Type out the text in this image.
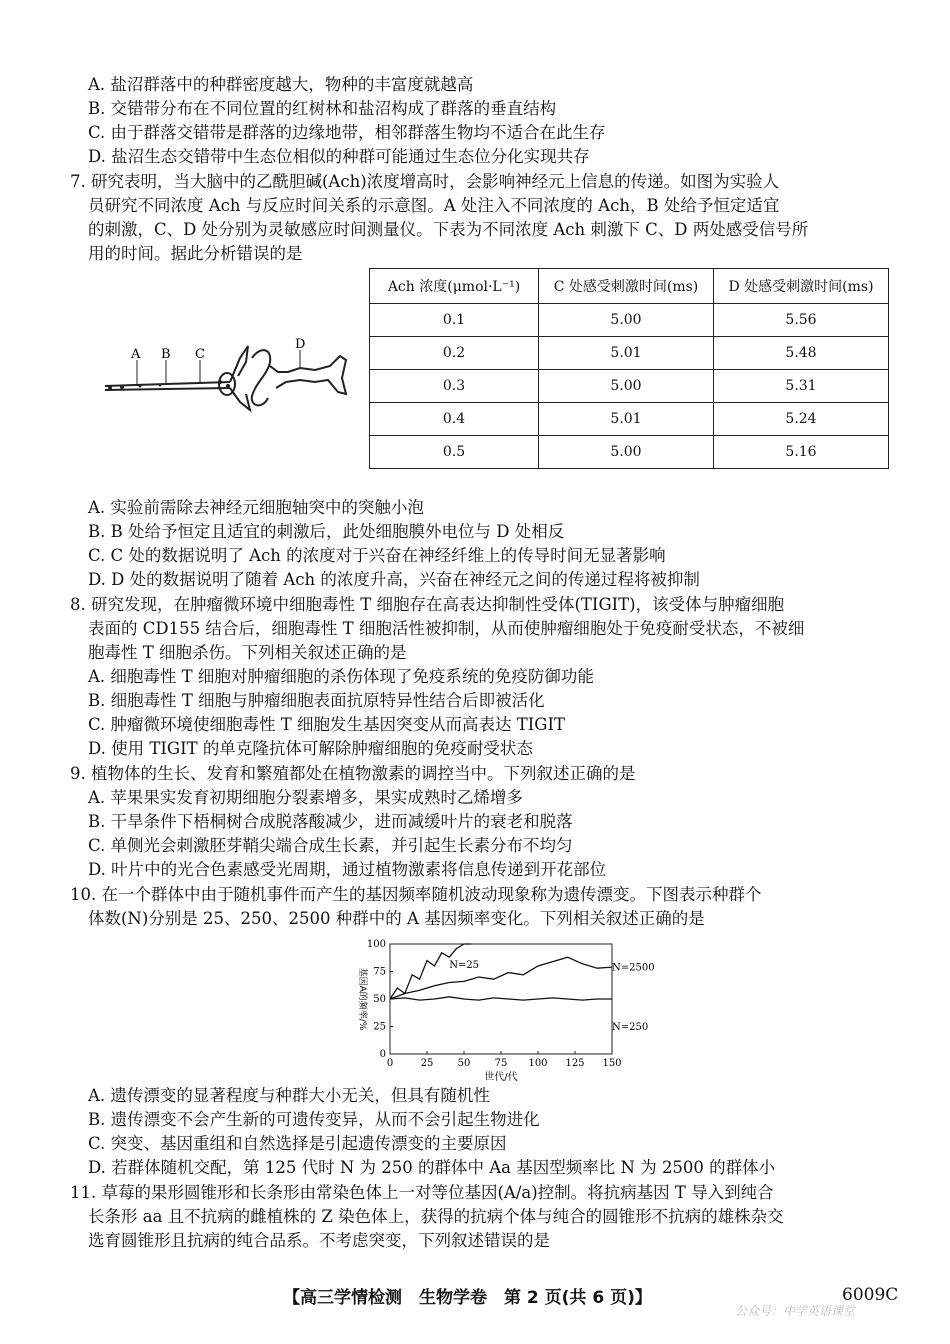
A. 盐沼群落中的种群密度越大，物种的丰富度就越高
B. 交错带分布在不同位置的红树林和盐沼构成了群落的垂直结构
C. 由于群落交错带是群落的边缘地带，相邻群落生物均不适合在此生存
D. 盐沼生态交错带中生态位相似的种群可能通过生态位分化实现共存
7. 研究表明，当大脑中的乙酰胆碱(Ach)浓度增高时，会影响神经元上信息的传递。如图为实验人
员研究不同浓度 Ach 与反应时间关系的示意图。A 处注入不同浓度的 Ach，B 处给予恒定适宜
的刺激，C、D 处分别为灵敏感应时间测量仪。下表为不同浓度 Ach 刺激下 C、D 两处感受信号所
用的时间。据此分析错误的是
A B C
D
Ach 浓度(μmol·L⁻¹)	C 处感受刺激时间(ms)	D 处感受刺激时间(ms)
0.1	5.00	5.56
0.2	5.01	5.48
0.3	5.00	5.31
0.4	5.01	5.24
0.5	5.00	5.16
A. 实验前需除去神经元细胞轴突中的突触小泡
B. B 处给予恒定且适宜的刺激后，此处细胞膜外电位与 D 处相反
C. C 处的数据说明了 Ach 的浓度对于兴奋在神经纤维上的传导时间无显著影响
D. D 处的数据说明了随着 Ach 的浓度升高，兴奋在神经元之间的传递过程将被抑制
8. 研究发现，在肿瘤微环境中细胞毒性 T 细胞存在高表达抑制性受体(TIGIT)，该受体与肿瘤细胞
表面的 CD155 结合后，细胞毒性 T 细胞活性被抑制，从而使肿瘤细胞处于免疫耐受状态，不被细
胞毒性 T 细胞杀伤。下列相关叙述正确的是
A. 细胞毒性 T 细胞对肿瘤细胞的杀伤体现了免疫系统的免疫防御功能
B. 细胞毒性 T 细胞与肿瘤细胞表面抗原特异性结合后即被活化
C. 肿瘤微环境使细胞毒性 T 细胞发生基因突变从而高表达 TIGIT
D. 使用 TIGIT 的单克隆抗体可解除肿瘤细胞的免疫耐受状态
9. 植物体的生长、发育和繁殖都处在植物激素的调控当中。下列叙述正确的是
A. 苹果果实发育初期细胞分裂素增多，果实成熟时乙烯增多
B. 干旱条件下梧桐树合成脱落酸减少，进而减缓叶片的衰老和脱落
C. 单侧光会刺激胚芽鞘尖端合成生长素，并引起生长素分布不均匀
D. 叶片中的光合色素感受光周期，通过植物激素将信息传递到开花部位
10. 在一个群体中由于随机事件而产生的基因频率随机波动现象称为遗传漂变。下图表示种群个
体数(N)分别是 25、250、2500 种群中的 A 基因频率变化。下列相关叙述正确的是
0	25 50 75 100 125 150
0
25
50
75
100
世代/代
基因A的频率/%
N=25
N=250
N=2500
A. 遗传漂变的显著程度与种群大小无关，但具有随机性
B. 遗传漂变不会产生新的可遗传变异，从而不会引起生物进化
C. 突变、基因重组和自然选择是引起遗传漂变的主要原因
D. 若群体随机交配，第 125 代时 N 为 250 的群体中 Aa 基因型频率比 N 为 2500 的群体小
11. 草莓的果形圆锥形和长条形由常染色体上一对等位基因(A/a)控制。将抗病基因 T 导入到纯合
长条形 aa 且不抗病的雌植株的 Z 染色体上，获得的抗病个体与纯合的圆锥形不抗病的雄株杂交
选育圆锥形且抗病的纯合品系。不考虑突变，下列叙述错误的是
【高三学情检测　生物学卷　第 2 页(共 6 页)】	6009C
公众号：中学英语课堂
